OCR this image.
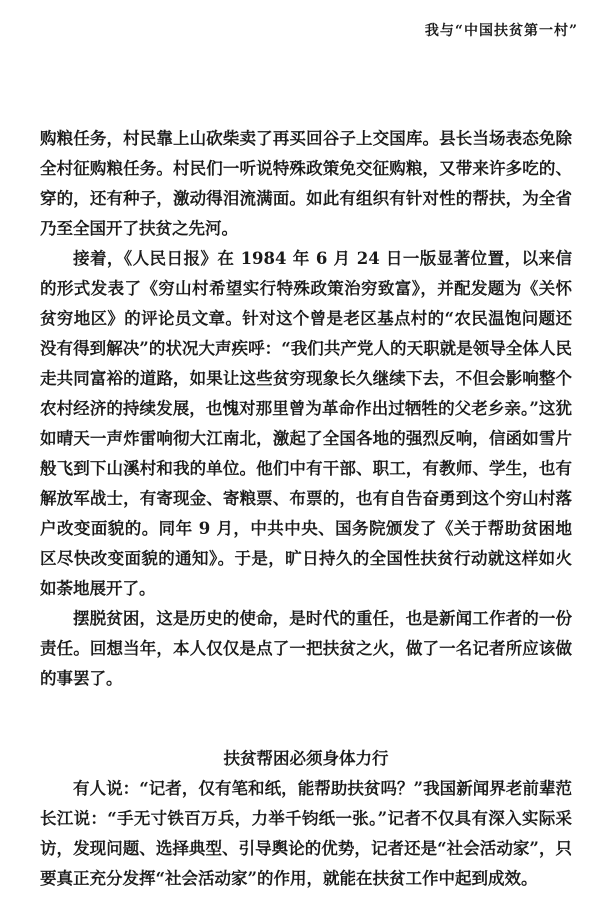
我与“中国扶贫第一村”

购粮任务，村民靠上山砍柴卖了再买回谷子上交国库。县长当场表态免除全村征购粮任务。村民们一听说特殊政策免交征购粮，又带来许多吃的、穿的，还有种子，激动得泪流满面。如此有组织有针对性的帮扶，为全省乃至全国开了扶贫之先河。

接着，《人民日报》在 1984 年 6 月 24 日一版显著位置，以来信的形式发表了《穷山村希望实行特殊政策治穷致富》，并配发题为《关怀贫穷地区》的评论员文章。针对这个曾是老区基点村的“农民温饱问题还没有得到解决”的状况大声疾呼：“我们共产党人的天职就是领导全体人民走共同富裕的道路，如果让这些贫穷现象长久继续下去，不但会影响整个农村经济的持续发展，也愧对那里曾为革命作出过牺牲的父老乡亲。”这犹如晴天一声炸雷响彻大江南北，激起了全国各地的强烈反响，信函如雪片般飞到下山溪村和我的单位。他们中有干部、职工，有教师、学生，也有解放军战士，有寄现金、寄粮票、布票的，也有自告奋勇到这个穷山村落户改变面貌的。同年 9 月，中共中央、国务院颁发了《关于帮助贫困地区尽快改变面貌的通知》。于是，旷日持久的全国性扶贫行动就这样如火如荼地展开了。

摆脱贫困，这是历史的使命，是时代的重任，也是新闻工作者的一份责任。回想当年，本人仅仅是点了一把扶贫之火，做了一名记者所应该做的事罢了。

扶贫帮困必须身体力行

有人说：“记者，仅有笔和纸，能帮助扶贫吗？”我国新闻界老前辈范长江说：“手无寸铁百万兵，力举千钧纸一张。”记者不仅具有深入实际采访，发现问题、选择典型、引导舆论的优势，记者还是“社会活动家”，只要真正充分发挥“社会活动家”的作用，就能在扶贫工作中起到成效。
